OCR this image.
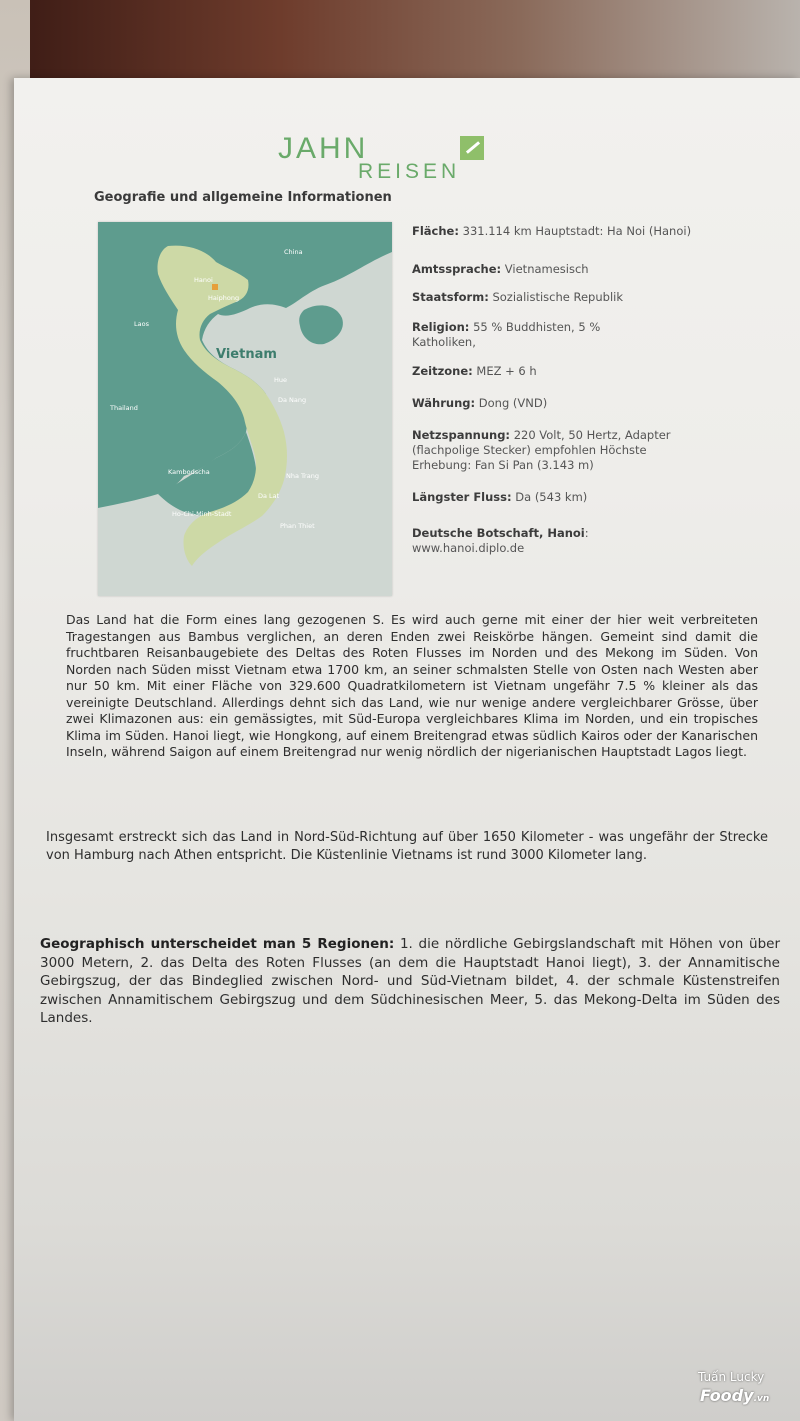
JAHN
REISEN
Geografie und allgemeine Informationen
China
Hanoi
Haiphong
Laos
Hue
Da Nang
Thailand
Kambodscha	Nha Trang
Da Lat
Ho-Chi-Minh-Stadt
Phan Thiet
Vietnam
Fläche: 331.114 km Hauptstadt: Ha Noi (Hanoi)
Amtssprache: Vietnamesisch
Staatsform: Sozialistische Republik
Religion: 55 % Buddhisten, 5 % Katholiken,
Zeitzone: MEZ + 6 h
Währung: Dong (VND)
Netzspannung: 220 Volt, 50 Hertz, Adapter (flachpolige Stecker) empfohlen Höchste Erhebung: Fan Si Pan (3.143 m)
Längster Fluss: Da (543 km)
Deutsche Botschaft, Hanoi:
www.hanoi.diplo.de

Das Land hat die Form eines lang gezogenen S. Es wird auch gerne mit einer der hier weit verbreiteten Tragestangen aus Bambus verglichen, an deren Enden zwei Reiskörbe hängen. Gemeint sind damit die fruchtbaren Reisanbaugebiete des Deltas des Roten Flusses im Norden und des Mekong im Süden. Von Norden nach Süden misst Vietnam etwa 1700 km, an seiner schmalsten Stelle von Osten nach Westen aber nur 50 km. Mit einer Fläche von 329.600 Quadratkilometern ist Vietnam ungefähr 7.5 % kleiner als das vereinigte Deutschland. Allerdings dehnt sich das Land, wie nur wenige andere vergleichbarer Grösse, über zwei Klimazonen aus: ein gemässigtes, mit Süd-Europa vergleichbares Klima im Norden, und ein tropisches Klima im Süden. Hanoi liegt, wie Hongkong, auf einem Breitengrad etwas südlich Kairos oder der Kanarischen Inseln, während Saigon auf einem Breitengrad nur wenig nördlich der nigerianischen Hauptstadt Lagos liegt.

Insgesamt erstreckt sich das Land in Nord-Süd-Richtung auf über 1650 Kilometer - was ungefähr der Strecke von Hamburg nach Athen entspricht. Die Küstenlinie Vietnams ist rund 3000 Kilometer lang.

Geographisch unterscheidet man 5 Regionen: 1. die nördliche Gebirgslandschaft mit Höhen von über 3000 Metern, 2. das Delta des Roten Flusses (an dem die Hauptstadt Hanoi liegt), 3. der Annamitische Gebirgszug, der das Bindeglied zwischen Nord- und Süd-Vietnam bildet, 4. der schmale Küstenstreifen zwischen Annamitischem Gebirgszug und dem Südchinesischen Meer, 5. das Mekong-Delta im Süden des Landes.

Tuấn Lucky
Foody.vn
